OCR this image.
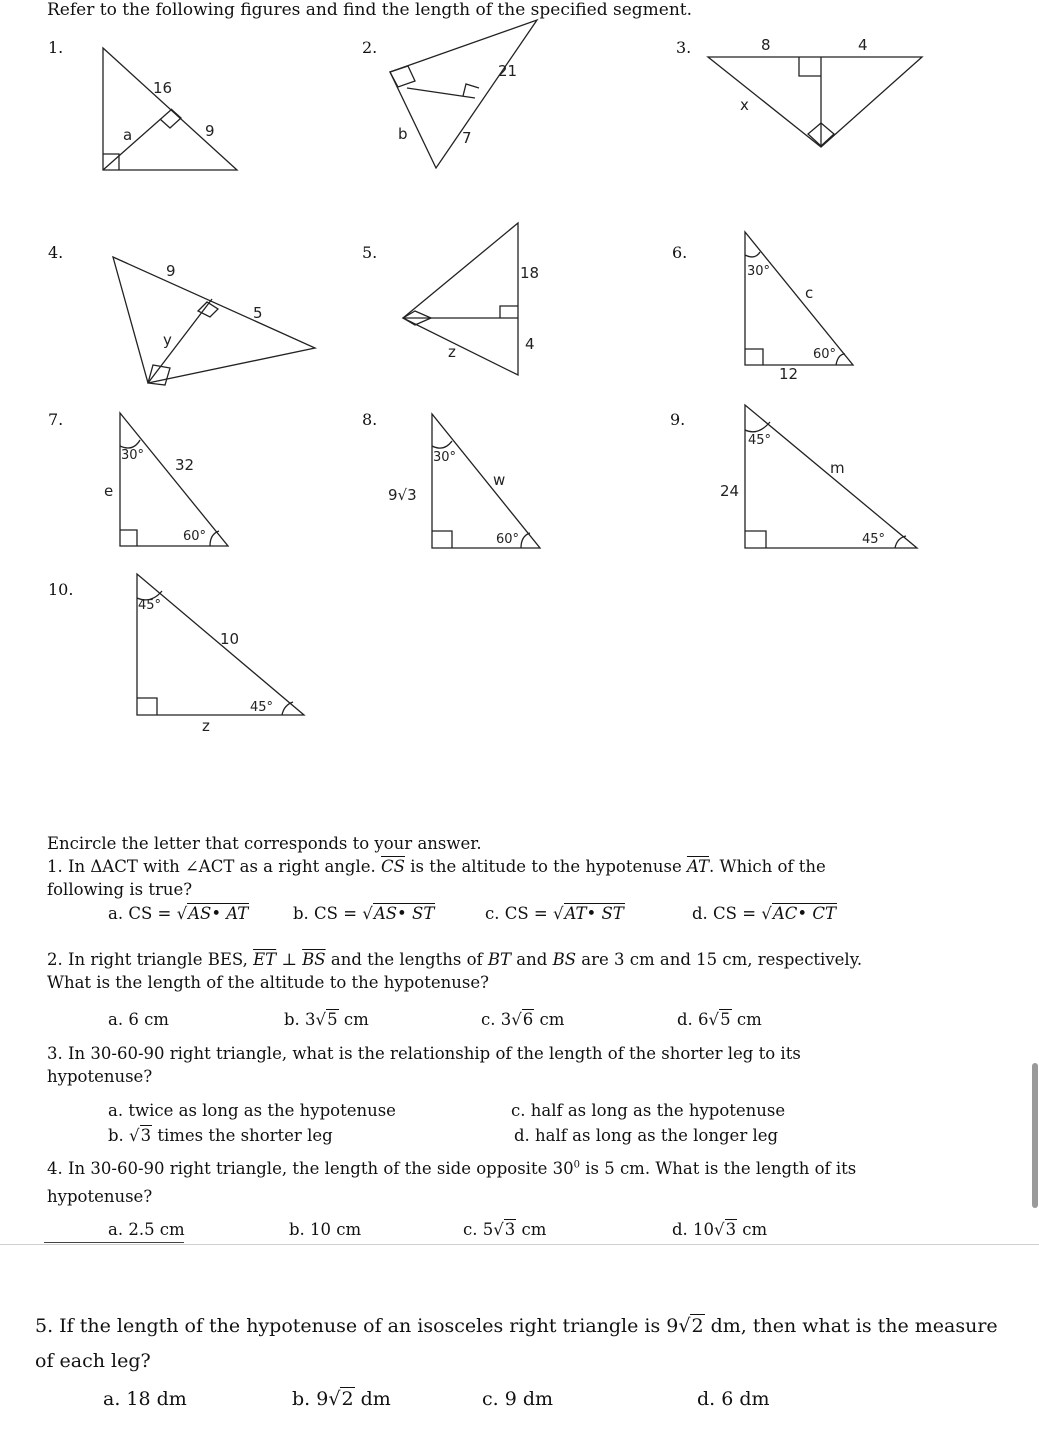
Refer to the following figures and find the length of the specified segment.
1.	2.	3.
4.	5.	6.
7.	8.	9.
10.
16
9
a
21
b	7
8	4
x
9
5
y
18
4
z
30°
c
60°
12
30°
32
e
60°
30°
9√3
w
60°
45°
m
24
45°
45°
10
45°
z
Encircle the letter that corresponds to your answer.
1. In ΔACT with ∠ACT as a right angle. $\overline{CS}$ is the altitude to the hypotenuse $\overline{AT}$. Which of the
following is true?
a. CS = √AS• AT	b. CS = √AS• ST	c. CS = √AT• ST	d. CS = √AC• CT
2. In right triangle BES, $\overline{ET}$ ⊥ $\overline{BS}$ and the lengths of BT and BS are 3 cm and 15 cm, respectively.
What is the length of the altitude to the hypotenuse?
a. 6 cm	b. 3√5 cm	c. 3√6 cm	d. 6√5 cm
3. In 30-60-90 right triangle, what is the relationship of the length of the shorter leg to its
hypotenuse?
a. twice as long as the hypotenuse
b. √3 times the shorter leg
c. half as long as the hypotenuse
d. half as long as the longer leg
4. In 30-60-90 right triangle, the length of the side opposite $30^0$ is 5 cm. What is the length of its
hypotenuse?
a. 2.5 cm	b. 10 cm	c. 5√3 cm	d. 10√3 cm
5. If the length of the hypotenuse of an isosceles right triangle is 9√2 dm, then what is the measure
of each leg?
a. 18 dm	b. 9√2 dm	c. 9 dm	d. 6 dm
